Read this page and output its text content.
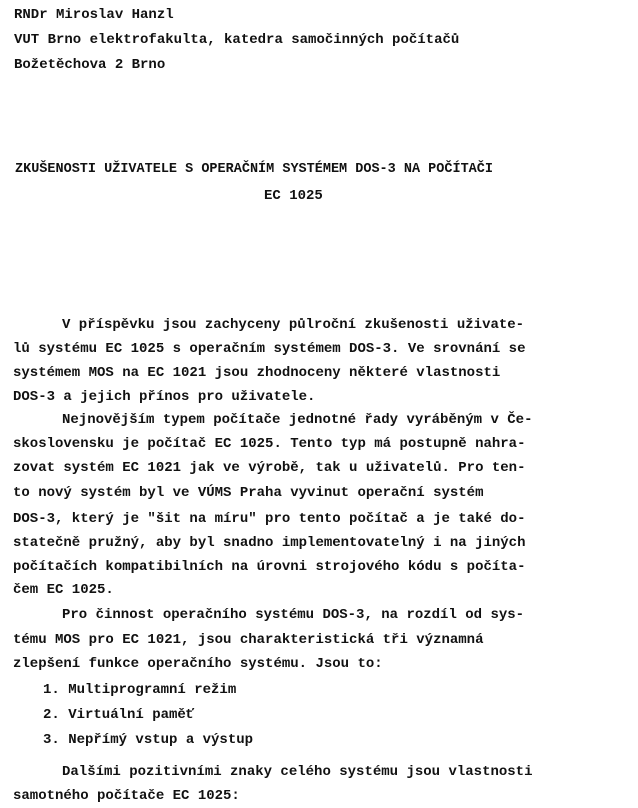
RNDr Miroslav Hanzl
VUT Brno elektrofakulta, katedra samočinných počítačů
Božetěchova 2 Brno
ZKUŠENOSTI UŽIVATELE S OPERAČNÍM SYSTÉMEM DOS-3 NA POČÍTAČI
EC 1025
V příspěvku jsou zachyceny půlroční zkušenosti uživate-
lů systému EC 1025 s operačním systémem DOS-3. Ve srovnání se
systémem MOS na EC 1021 jsou zhodnoceny některé vlastnosti
DOS-3 a jejich přínos pro uživatele.
Nejnovějším typem počítače jednotné řady vyráběným v Če-
skoslovensku je počítač EC 1025. Tento typ má postupně nahra-
zovat systém EC 1021 jak ve výrobě, tak u uživatelů. Pro ten-
to nový systém byl ve VÚMS Praha vyvinut operační systém
DOS-3, který je "šit na míru" pro tento počítač a je také do-
statečně pružný, aby byl snadno implementovatelný i na jiných
počítačích kompatibilních na úrovni strojového kódu s počíta-
čem EC 1025.
Pro činnost operačního systému DOS-3, na rozdíl od sys-
tému MOS pro EC 1021, jsou charakteristická tři významná
zlepšení funkce operačního systému. Jsou to:
1. Multiprogramní režim
2. Virtuální paměť
3. Nepřímý vstup a výstup
Dalšími pozitivními znaky celého systému jsou vlastnosti
samotného počítače EC 1025:
